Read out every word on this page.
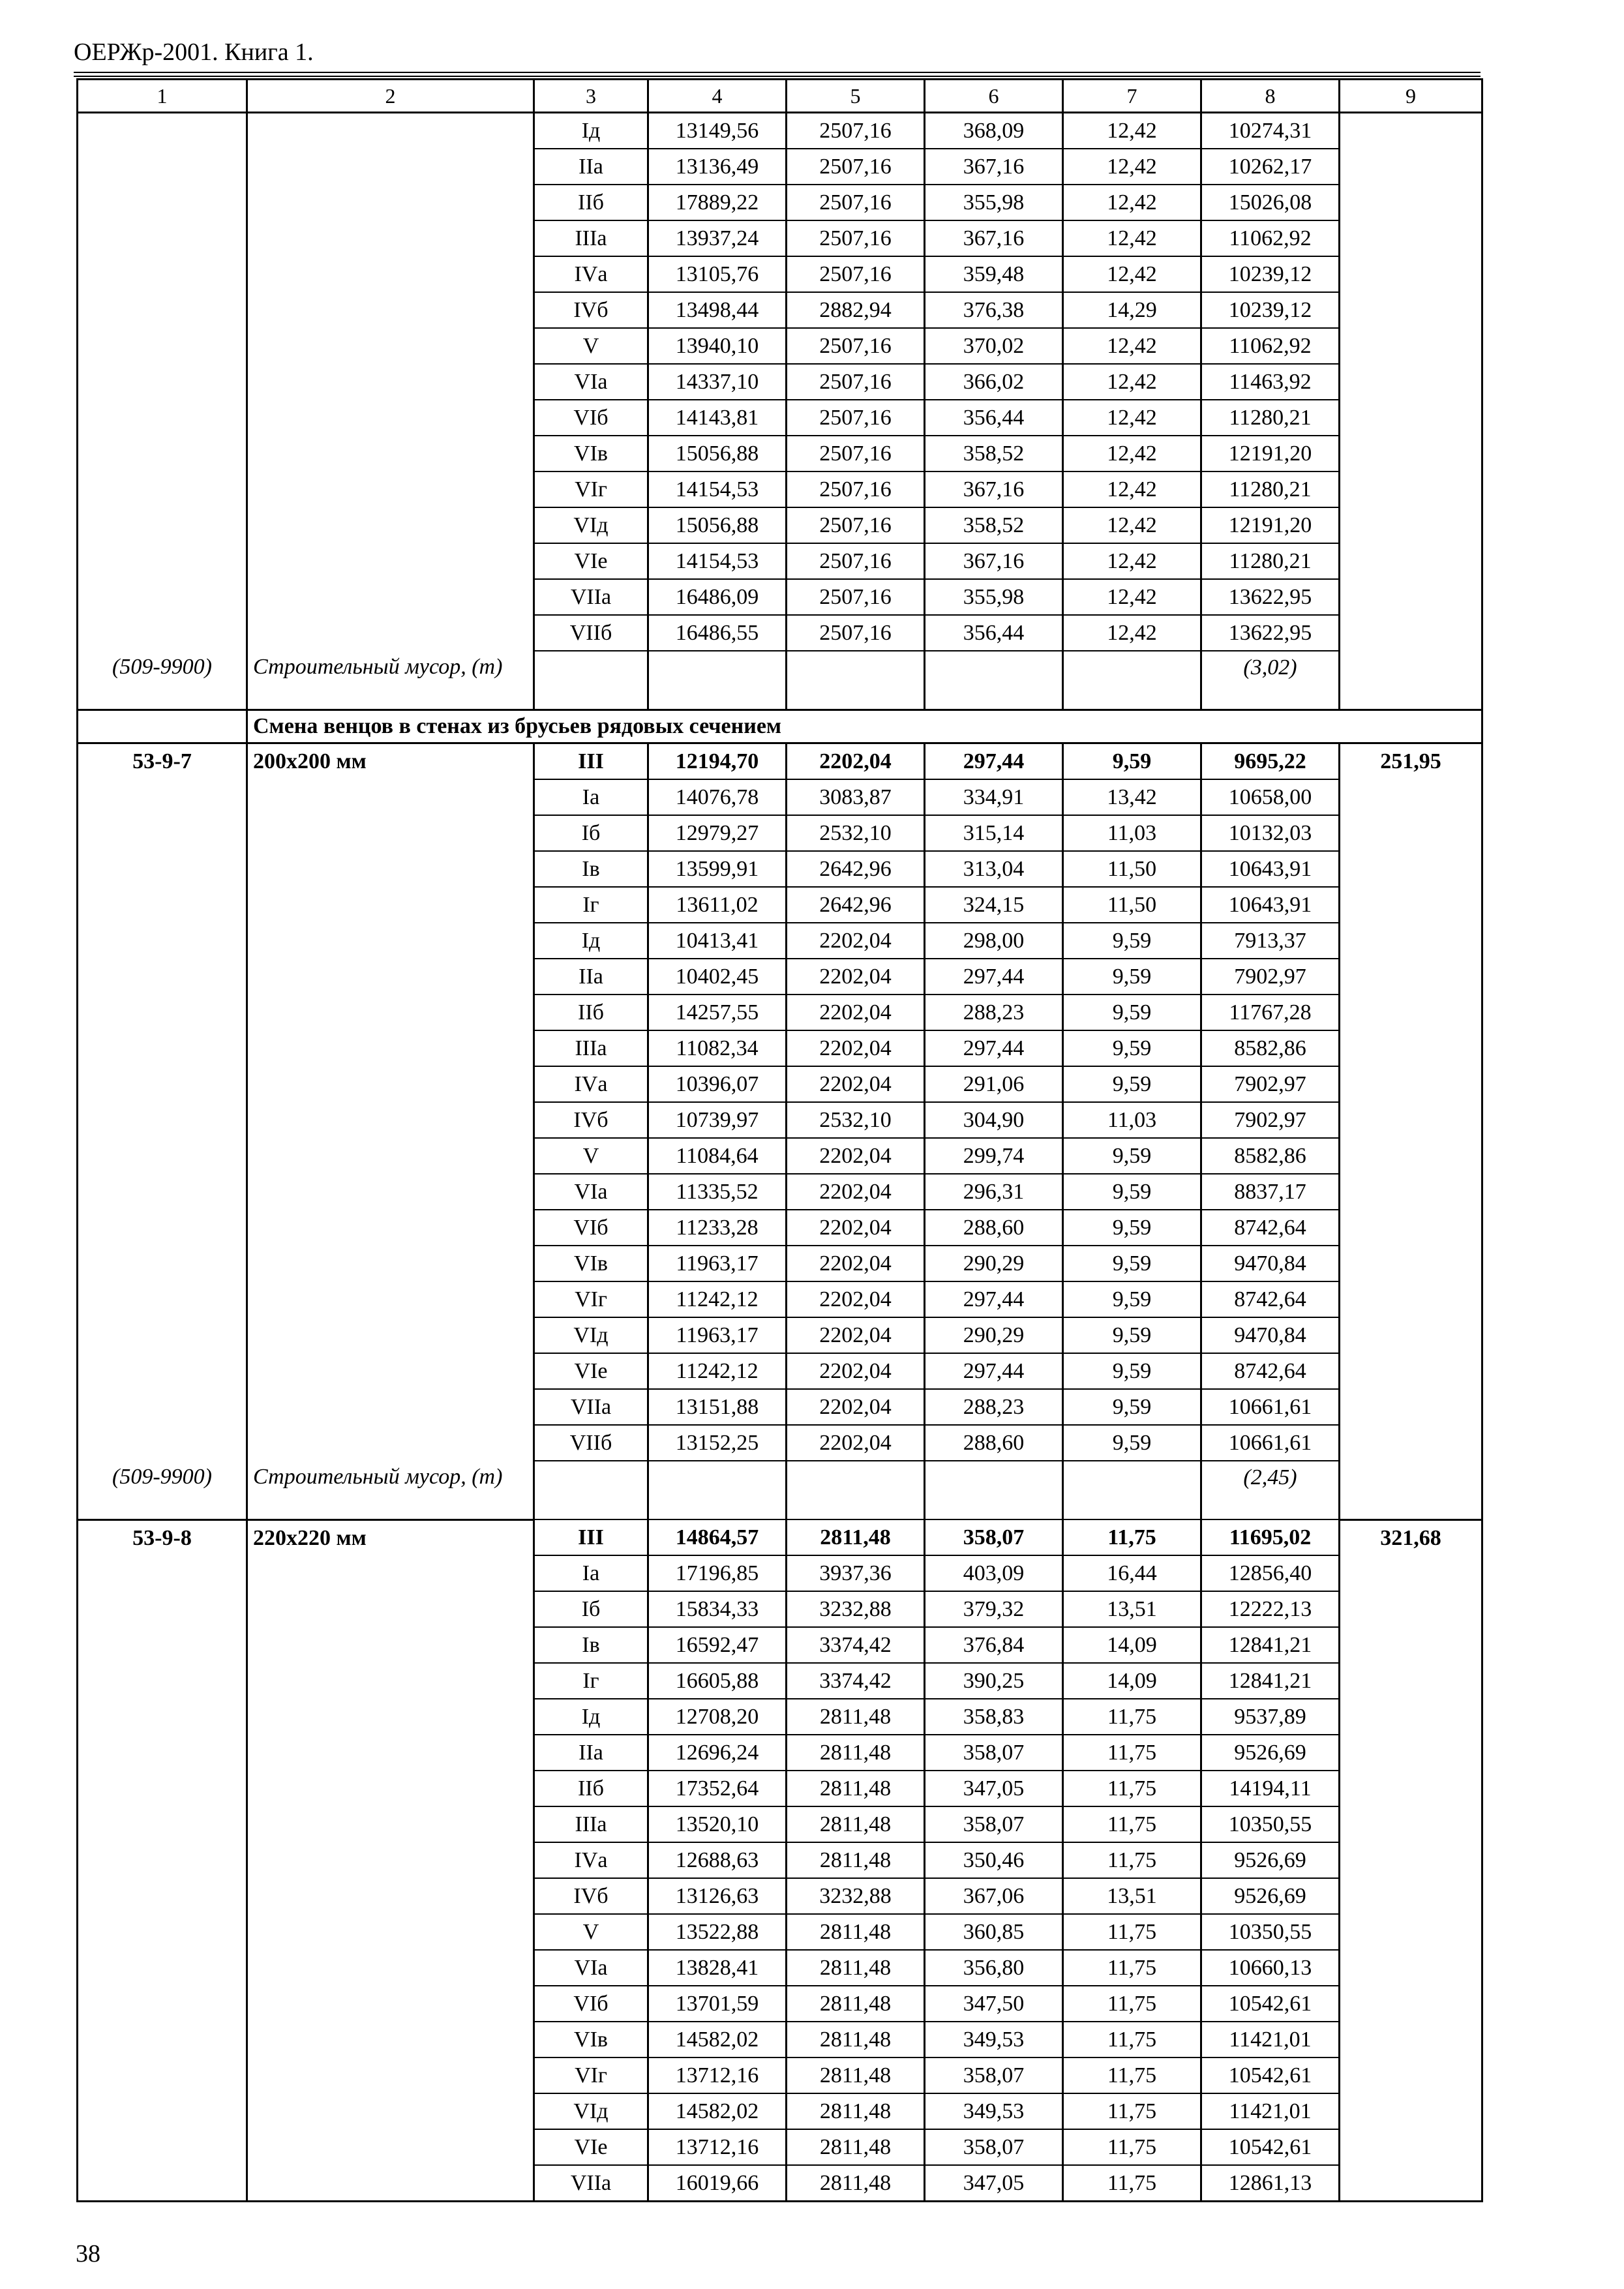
ОЕРЖр-2001. Книга 1.
1	2	3	4	5	6	7	8	9
		Iд	13149,56	2507,16	368,09	12,42	10274,31	
		IIа	13136,49	2507,16	367,16	12,42	10262,17	
		IIб	17889,22	2507,16	355,98	12,42	15026,08	
		IIIа	13937,24	2507,16	367,16	12,42	11062,92	
		IVа	13105,76	2507,16	359,48	12,42	10239,12	
		IVб	13498,44	2882,94	376,38	14,29	10239,12	
		V	13940,10	2507,16	370,02	12,42	11062,92	
		VIа	14337,10	2507,16	366,02	12,42	11463,92	
		VIб	14143,81	2507,16	356,44	12,42	11280,21	
		VIв	15056,88	2507,16	358,52	12,42	12191,20	
		VIг	14154,53	2507,16	367,16	12,42	11280,21	
		VIд	15056,88	2507,16	358,52	12,42	12191,20	
		VIе	14154,53	2507,16	367,16	12,42	11280,21	
		VIIа	16486,09	2507,16	355,98	12,42	13622,95	
		VIIб	16486,55	2507,16	356,44	12,42	13622,95	
(509-9900)	Строительный мусор, (т)						(3,02)	
	Смена венцов в стенах из брусьев рядовых сечением							
53-9-7	200х200 мм	III	12194,70	2202,04	297,44	9,59	9695,22	251,95
		Iа	14076,78	3083,87	334,91	13,42	10658,00	
		Iб	12979,27	2532,10	315,14	11,03	10132,03	
		Iв	13599,91	2642,96	313,04	11,50	10643,91	
		Iг	13611,02	2642,96	324,15	11,50	10643,91	
		Iд	10413,41	2202,04	298,00	9,59	7913,37	
		IIа	10402,45	2202,04	297,44	9,59	7902,97	
		IIб	14257,55	2202,04	288,23	9,59	11767,28	
		IIIа	11082,34	2202,04	297,44	9,59	8582,86	
		IVа	10396,07	2202,04	291,06	9,59	7902,97	
		IVб	10739,97	2532,10	304,90	11,03	7902,97	
		V	11084,64	2202,04	299,74	9,59	8582,86	
		VIа	11335,52	2202,04	296,31	9,59	8837,17	
		VIб	11233,28	2202,04	288,60	9,59	8742,64	
		VIв	11963,17	2202,04	290,29	9,59	9470,84	
		VIг	11242,12	2202,04	297,44	9,59	8742,64	
		VIд	11963,17	2202,04	290,29	9,59	9470,84	
		VIе	11242,12	2202,04	297,44	9,59	8742,64	
		VIIа	13151,88	2202,04	288,23	9,59	10661,61	
		VIIб	13152,25	2202,04	288,60	9,59	10661,61	
(509-9900)	Строительный мусор, (т)						(2,45)	
53-9-8	220х220 мм	III	14864,57	2811,48	358,07	11,75	11695,02	321,68
		Iа	17196,85	3937,36	403,09	16,44	12856,40	
		Iб	15834,33	3232,88	379,32	13,51	12222,13	
		Iв	16592,47	3374,42	376,84	14,09	12841,21	
		Iг	16605,88	3374,42	390,25	14,09	12841,21	
		Iд	12708,20	2811,48	358,83	11,75	9537,89	
		IIа	12696,24	2811,48	358,07	11,75	9526,69	
		IIб	17352,64	2811,48	347,05	11,75	14194,11	
		IIIа	13520,10	2811,48	358,07	11,75	10350,55	
		IVа	12688,63	2811,48	350,46	11,75	9526,69	
		IVб	13126,63	3232,88	367,06	13,51	9526,69	
		V	13522,88	2811,48	360,85	11,75	10350,55	
		VIа	13828,41	2811,48	356,80	11,75	10660,13	
		VIб	13701,59	2811,48	347,50	11,75	10542,61	
		VIв	14582,02	2811,48	349,53	11,75	11421,01	
		VIг	13712,16	2811,48	358,07	11,75	10542,61	
		VIд	14582,02	2811,48	349,53	11,75	11421,01	
		VIе	13712,16	2811,48	358,07	11,75	10542,61	
		VIIа	16019,66	2811,48	347,05	11,75	12861,13	
38
